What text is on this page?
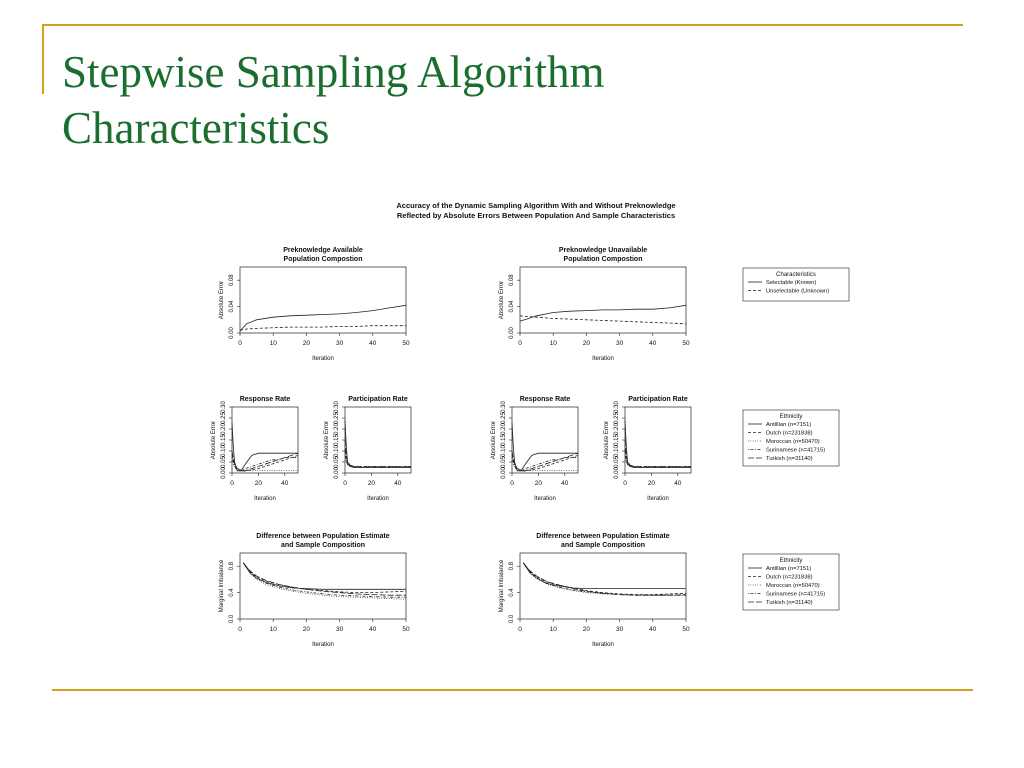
Stepwise Sampling Algorithm
Characteristics
Accuracy of the Dynamic Sampling Algorithm With and Without Preknowledge
Reflected by Absolute Errors Between Population And Sample Characteristics
Preknowledge Available
Population Compostion
0	10	20	30	40	50
0.00
0.04
0.08
Iteration
Absolute Error
Preknowledge Unavailable
Population Compostion
0	10	20	30	40	50
0.00
0.04
0.08
Iteration
Absolute Error
Response Rate
0	20	40
0.00
0.05
0.10
0.15
0.20
0.25
0.30
Iteration
Absolute Error
Participation Rate
0	20	40
0.00
0.05
0.10
0.15
0.20
0.25
0.30
Iteration
Absolute Error
Response Rate
0	20	40
0.00
0.05
0.10
0.15
0.20
0.25
0.30
Iteration
Absolute Error
Participation Rate
0	20	40
0.00
0.05
0.10
0.15
0.20
0.25
0.30
Iteration
Absolute Error
Difference between Population Estimate
and Sample Composition
0	10	20	30	40	50
0.0
0.4
0.8
Iteration
Marginal Imbalance
Difference between Population Estimate
and Sample Composition
0	10	20	30	40	50
0.0
0.4
0.8
Iteration
Marginal Imbalance
Characteristics
Selectable (Known)
Unselectable (Unknown)
Ethnicity
Antillian (n=7151)
Dutch (n=231838)
Moroccan (n=50470)
Surinamese (n=41715)
Turkish (n=31140)
Ethnicity
Antillian (n=7151)
Dutch (n=231838)
Moroccan (n=50470)
Surinamese (n=41715)
Turkish (n=31140)
